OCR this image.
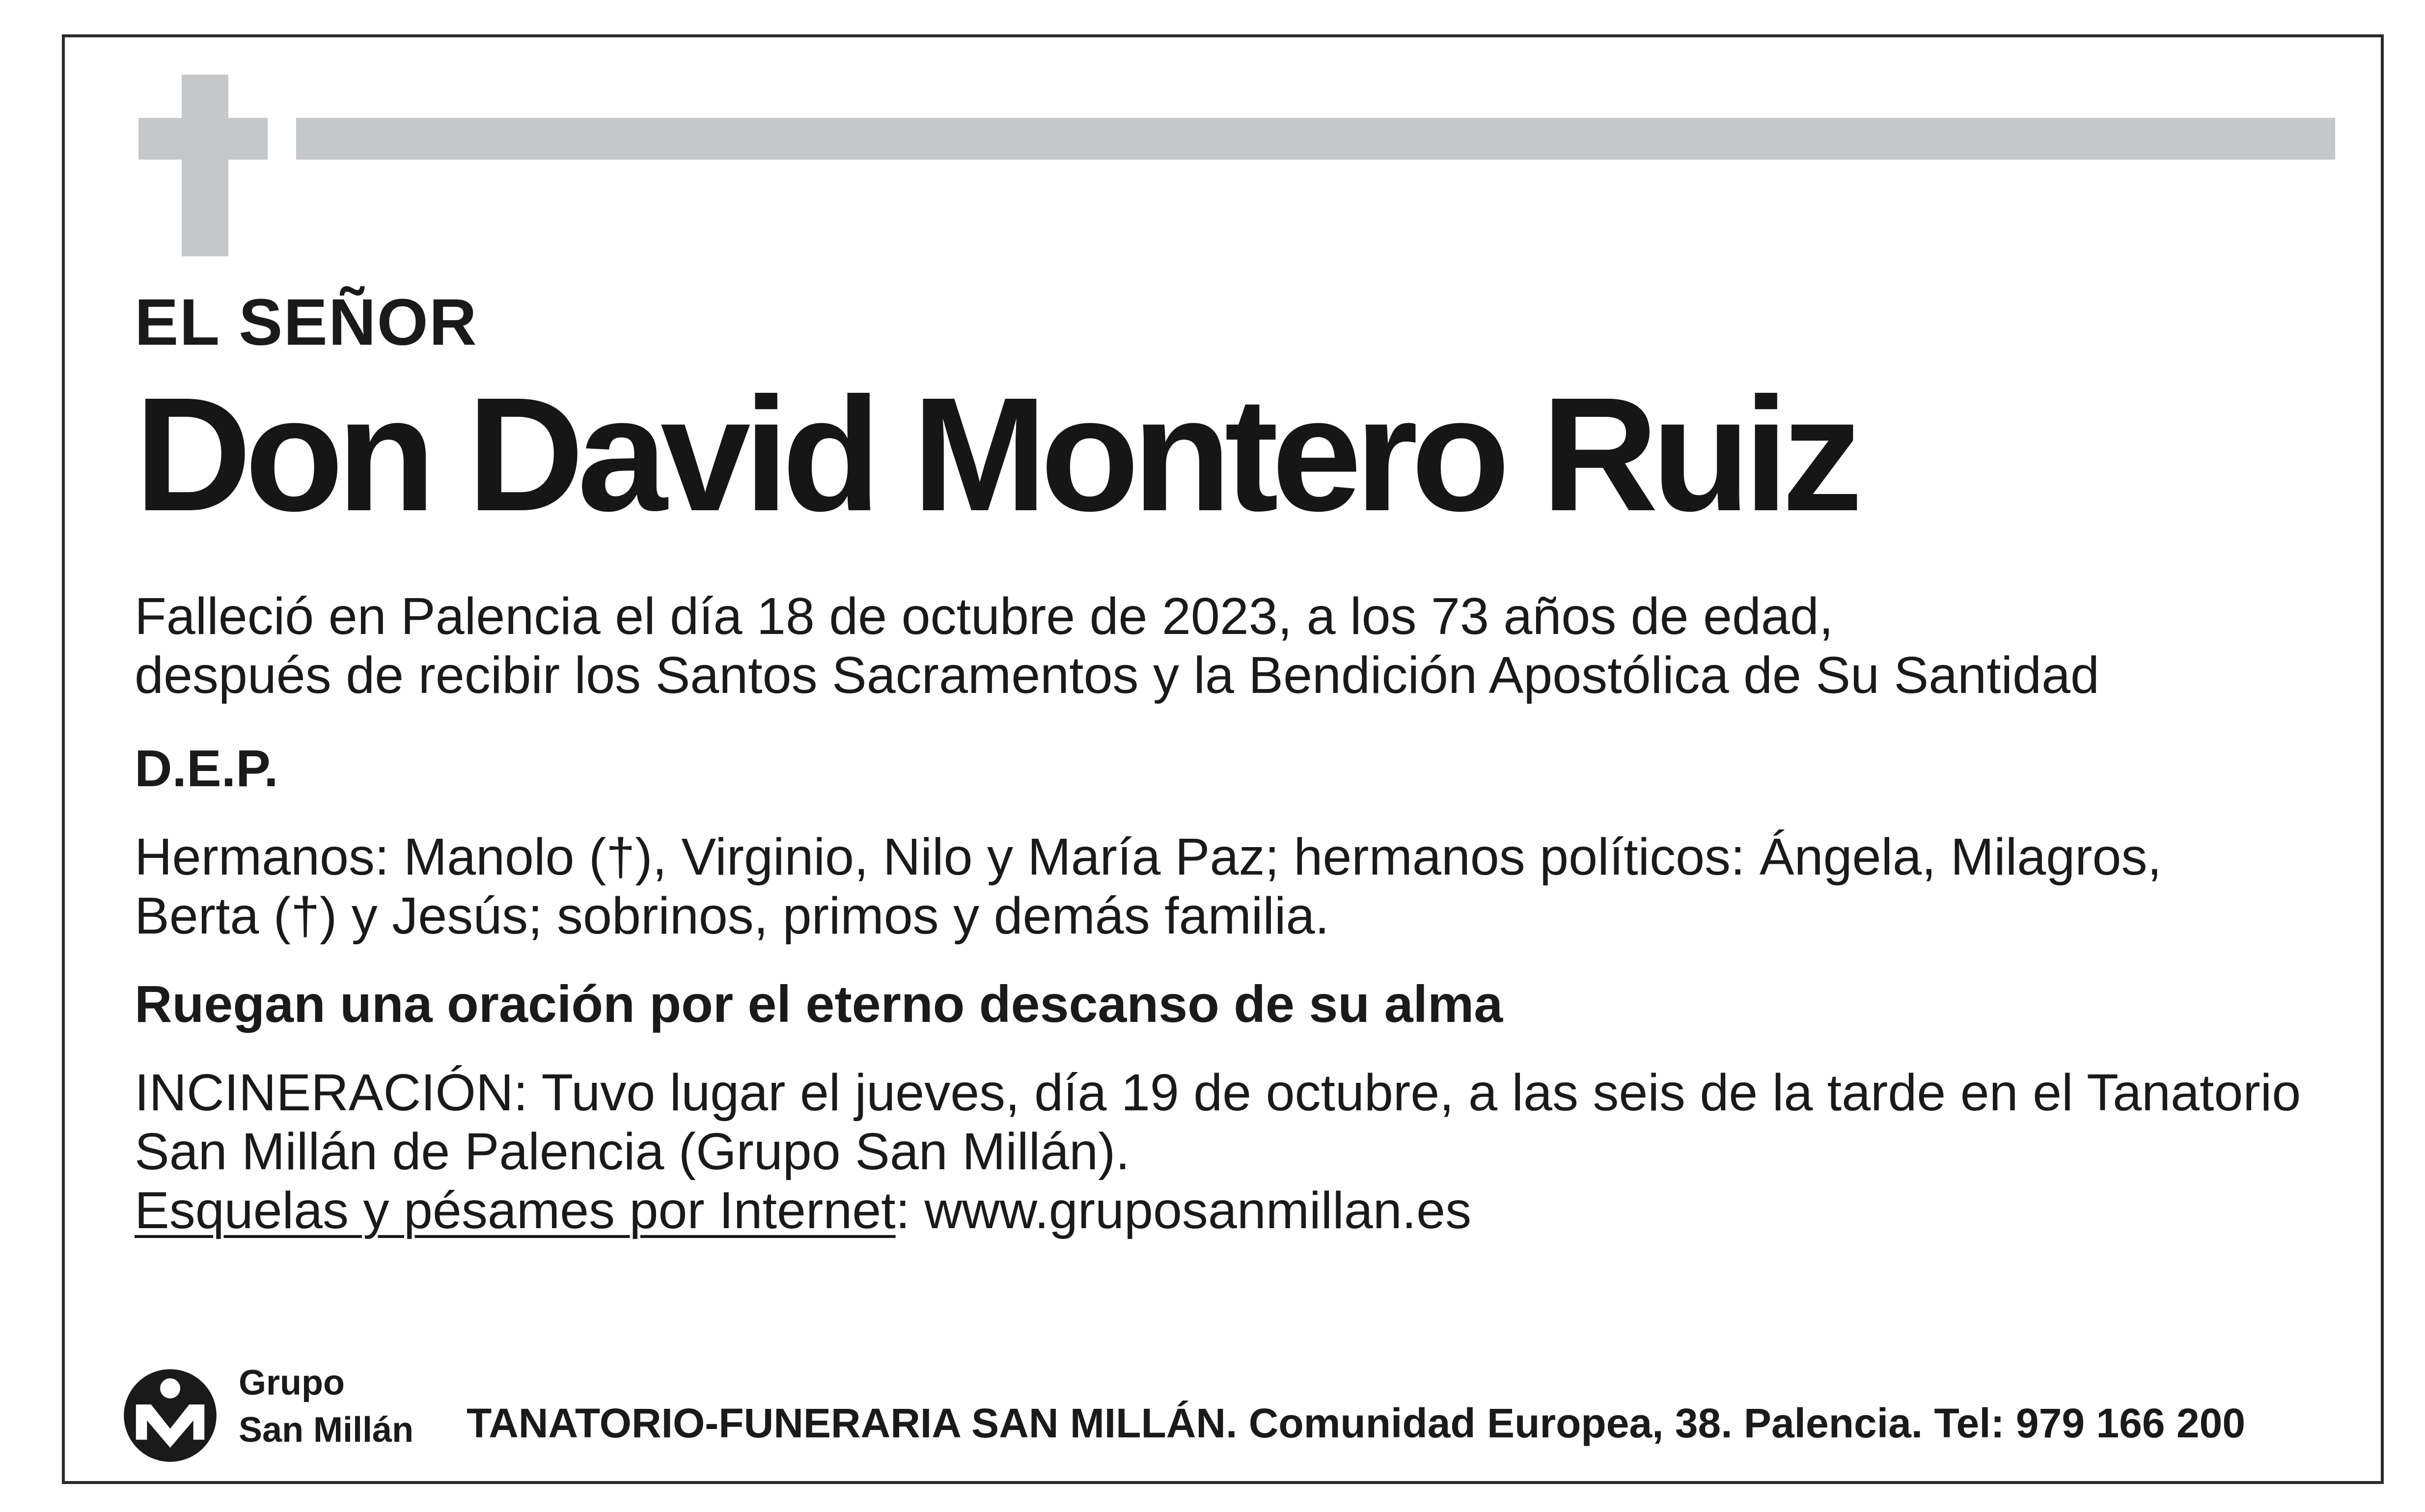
EL SEÑOR
Don David Montero Ruiz
Falleció en Palencia el día 18 de octubre de 2023, a los 73 años de edad,
después de recibir los Santos Sacramentos y la Bendición Apostólica de Su Santidad
D.E.P.
Hermanos: Manolo (†), Virginio, Nilo y María Paz; hermanos políticos: Ángela, Milagros,
Berta (†) y Jesús; sobrinos, primos y demás familia.
Ruegan una oración por el eterno descanso de su alma
INCINERACIÓN: Tuvo lugar el jueves, día 19 de octubre, a las seis de la tarde en el Tanatorio
San Millán de Palencia (Grupo San Millán).
Esquelas y pésames por Internet: www.gruposanmillan.es
Grupo
San Millán TANATORIO-FUNERARIA SAN MILLÁN. Comunidad Europea, 38. Palencia. Tel: 979 166 200
